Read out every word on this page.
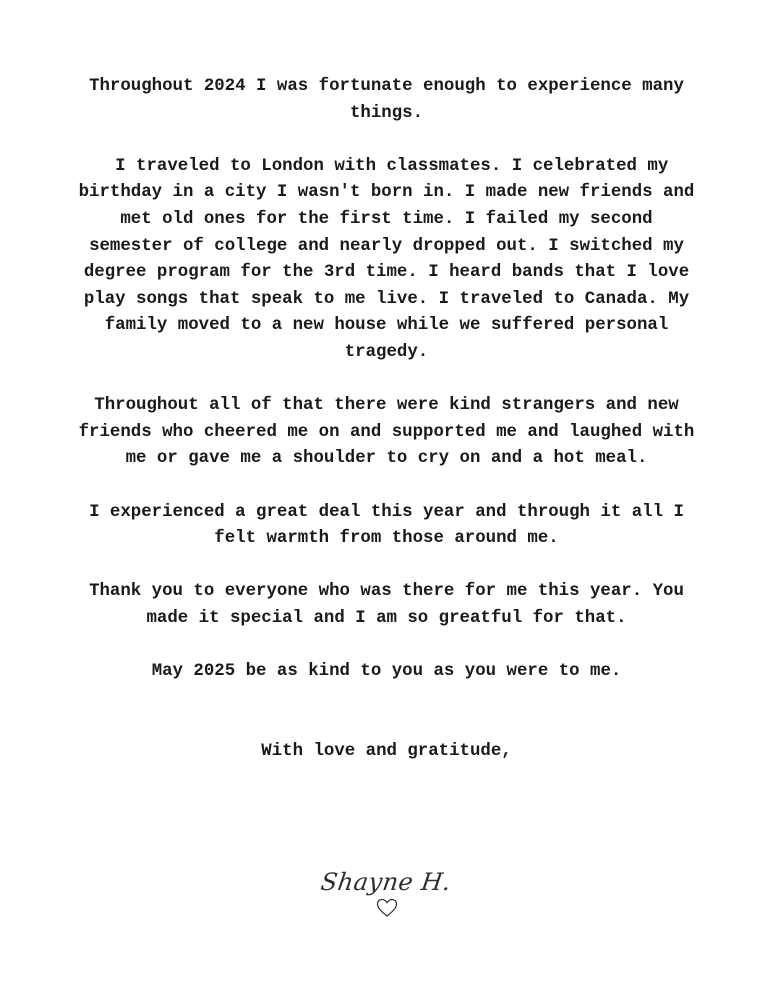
Throughout 2024 I was fortunate enough to experience many things.

I traveled to London with classmates. I celebrated my birthday in a city I wasn't born in. I made new friends and met old ones for the first time. I failed my second semester of college and nearly dropped out. I switched my degree program for the 3rd time. I heard bands that I love play songs that speak to me live. I traveled to Canada. My family moved to a new house while we suffered personal tragedy.

Throughout all of that there were kind strangers and new friends who cheered me on and supported me and laughed with me or gave me a shoulder to cry on and a hot meal.

I experienced a great deal this year and through it all I felt warmth from those around me.

Thank you to everyone who was there for me this year. You made it special and I am so greatful for that.

May 2025 be as kind to you as you were to me.

With love and gratitude,

Shayne H.
